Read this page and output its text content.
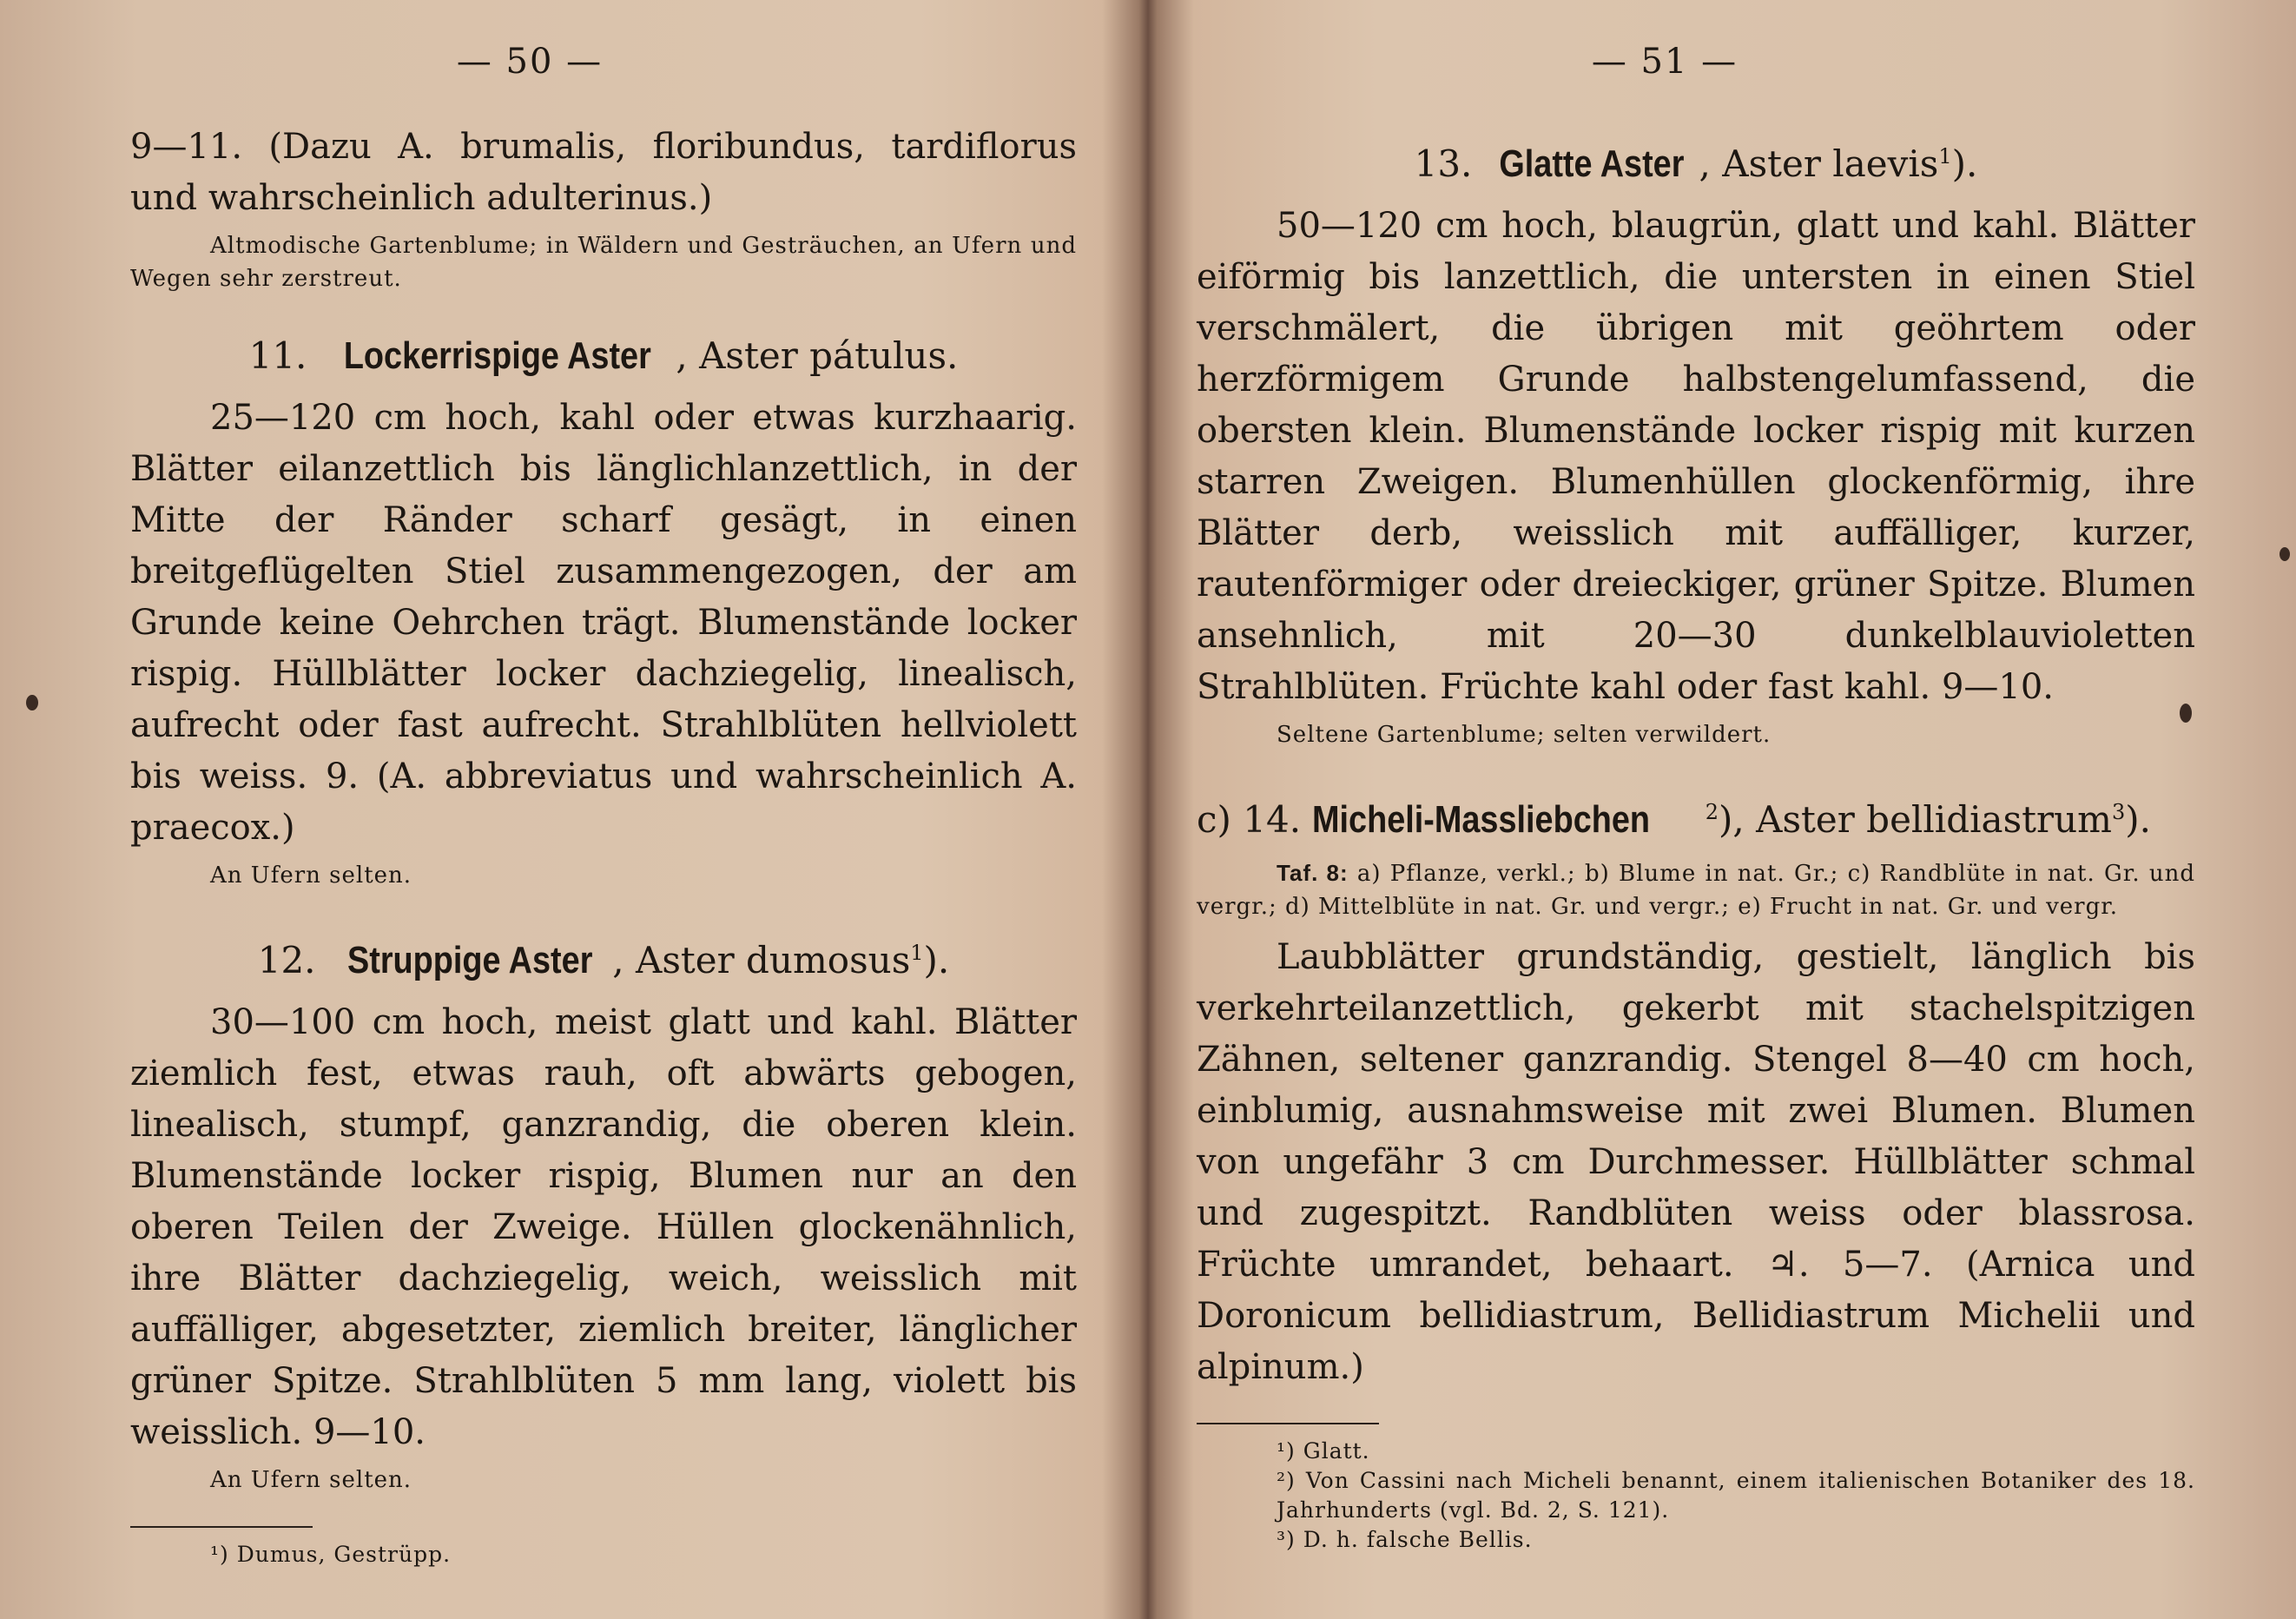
— 50 —

9—11. (Dazu A. brumalis, floribundus, tardiflorus und wahrscheinlich adulterinus.)

Altmodische Gartenblume; in Wäldern und Gesträuchen, an Ufern und Wegen sehr zerstreut.

11. Lockerrispige Aster , Aster pátulus.

25—120 cm hoch, kahl oder etwas kurzhaarig. Blätter eilanzettlich bis länglichlanzettlich, in der Mitte der Ränder scharf gesägt, in einen breitgeflügelten Stiel zusammengezogen, der am Grunde keine Oehrchen trägt. Blumenstände locker rispig. Hüllblätter locker dachziegelig, linealisch, aufrecht oder fast aufrecht. Strahlblüten hellviolett bis weiss. 9. (A. abbreviatus und wahrscheinlich A. praecox.)

An Ufern selten.

12. Struppige Aster , Aster dumosus$^1$).

30—100 cm hoch, meist glatt und kahl. Blätter ziemlich fest, etwas rauh, oft abwärts gebogen, linealisch, stumpf, ganzrandig, die oberen klein. Blumenstände locker rispig, Blumen nur an den oberen Teilen der Zweige. Hüllen glockenähnlich, ihre Blätter dachziegelig, weich, weisslich mit auffälliger, abgesetzter, ziemlich breiter, länglicher grüner Spitze. Strahlblüten 5 mm lang, violett bis weisslich. 9—10.

An Ufern selten.

¹) Dumus, Gestrüpp.

— 51 —
13. Glatte Aster , Aster laevis$^1$).

50—120 cm hoch, blaugrün, glatt und kahl. Blätter eiförmig bis lanzettlich, die untersten in einen Stiel verschmälert, die übrigen mit geöhrtem oder herzförmigem Grunde halbstengelumfassend, die obersten klein. Blumenstände locker rispig mit kurzen starren Zweigen. Blumenhüllen glockenförmig, ihre Blätter derb, weisslich mit auffälliger, kurzer, rautenförmiger oder dreieckiger, grüner Spitze. Blumen ansehnlich, mit 20—30 dunkelblauvioletten Strahlblüten. Früchte kahl oder fast kahl. 9—10.

Seltene Gartenblume; selten verwildert.

c) 14. Micheli-Massliebchen	$^2$), Aster bellidiastrum$^3$).

Taf. 8: a) Pflanze, verkl.; b) Blume in nat. Gr.; c) Randblüte in nat. Gr. und vergr.; d) Mittelblüte in nat. Gr. und vergr.; e) Frucht in nat. Gr. und vergr.

Laubblätter grundständig, gestielt, länglich bis verkehrteilanzettlich, gekerbt mit stachelspitzigen Zähnen, seltener ganzrandig. Stengel 8—40 cm hoch, einblumig, ausnahmsweise mit zwei Blumen. Blumen von ungefähr 3 cm Durchmesser. Hüllblätter schmal und zugespitzt. Randblüten weiss oder blassrosa. Früchte umrandet, behaart. ♃. 5—7. (Arnica und Doronicum bellidiastrum, Bellidiastrum Michelii und alpinum.)

¹) Glatt.

²) Von Cassini nach Micheli benannt, einem italienischen Botaniker des 18. Jahrhunderts (vgl. Bd. 2, S. 121).

³) D. h. falsche Bellis.
